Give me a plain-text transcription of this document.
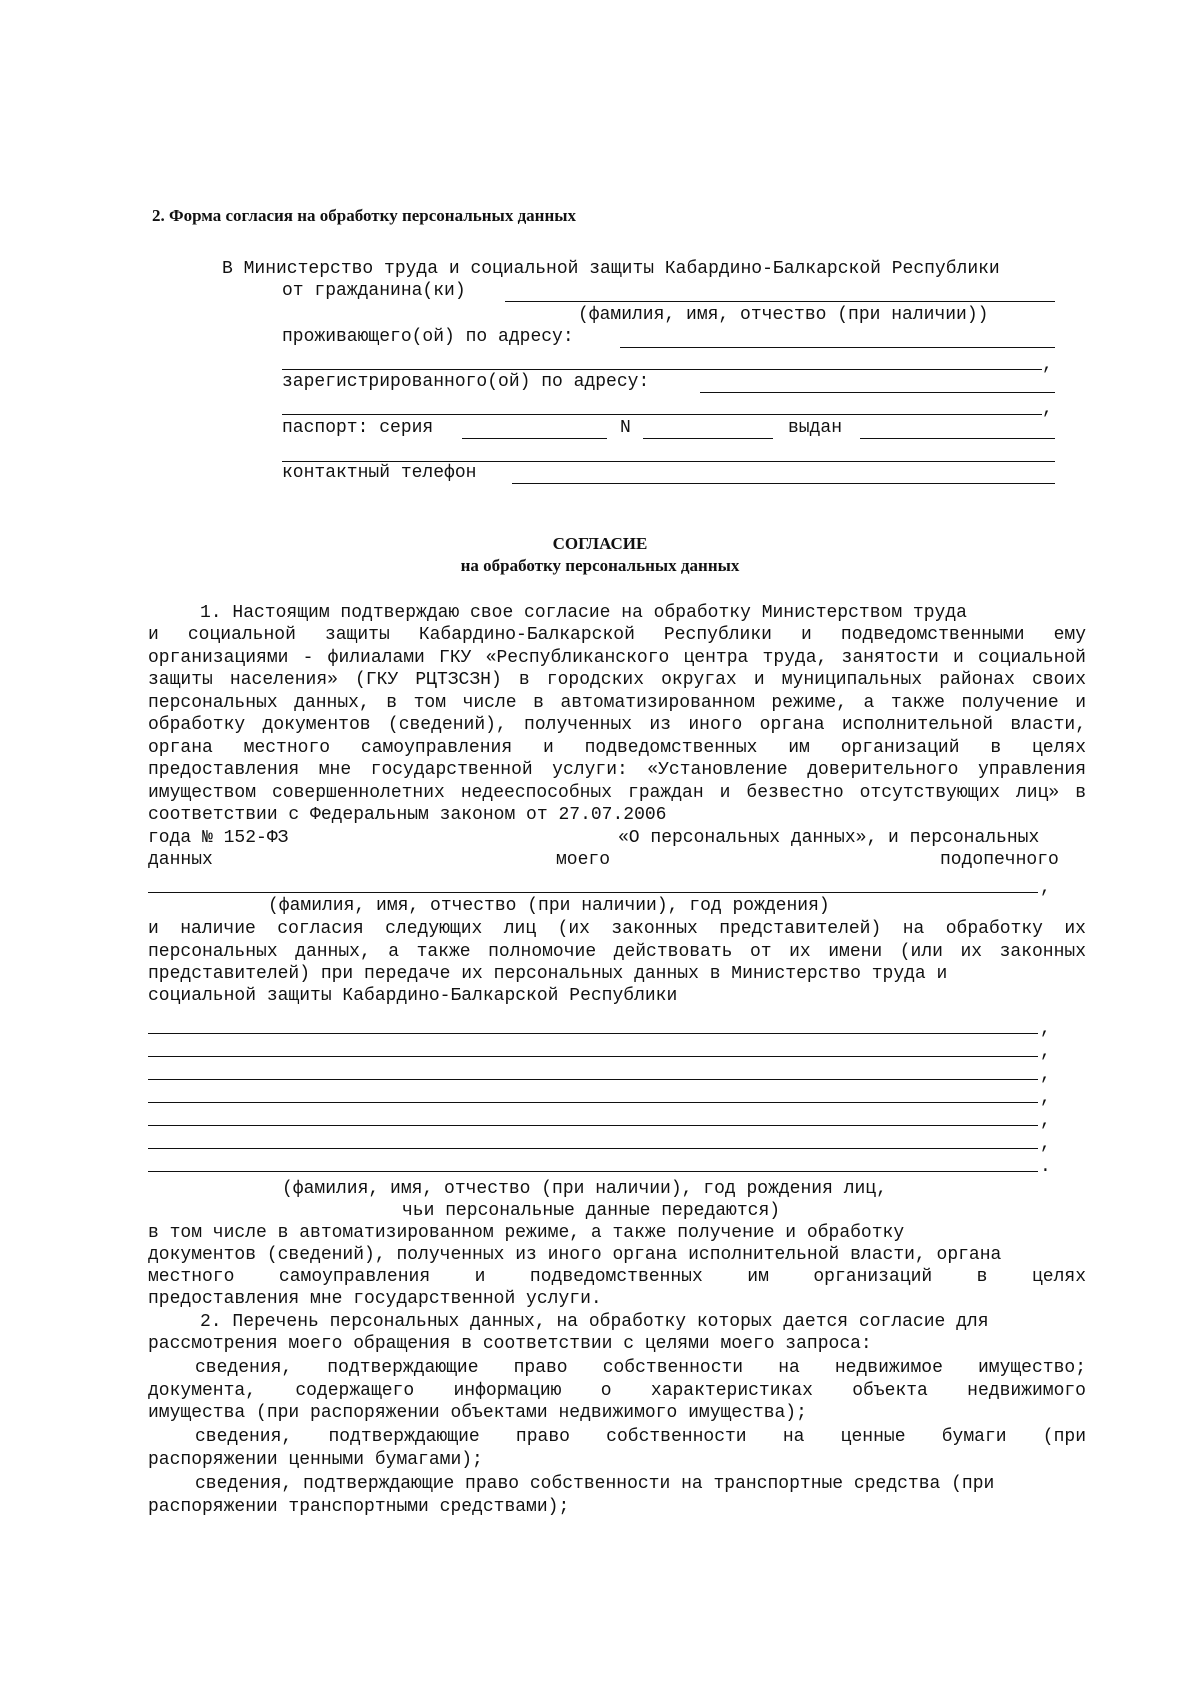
2. Форма согласия на обработку персональных данных
В Министерство труда и социальной защиты Кабардино-Балкарской Республики
от гражданина(ки)
(фамилия, имя, отчество (при наличии))
проживающего(ой) по адресу:
,
зарегистрированного(ой) по адресу:
,
паспорт: серия	N	выдан
контактный телефон
СОГЛАСИЕ
на обработку персональных данных
1. Настоящим подтверждаю свое согласие на обработку Министерством труда
и социальной защиты Кабардино-Балкарской Республики и подведомственными ему организациями - филиалами ГКУ «Республиканского центра труда, занятости и социальной защиты населения» (ГКУ РЦТЗСЗН) в городских округах и муниципальных районах своих персональных данных, в том числе в автоматизированном режиме, а также получение и обработку документов (сведений), полученных из иного органа исполнительной власти, органа местного самоуправления и подведомственных им организаций в целях предоставления мне государственной услуги: «Установление доверительного управления имуществом совершеннолетних недееспособных граждан и безвестно отсутствующих лиц» в соответствии с Федеральным законом от 27.07.2006
года № 152-ФЗ	«О персональных данных», и персональных
данных	моего	подопечного
,
(фамилия, имя, отчество (при наличии), год рождения)
и наличие согласия следующих лиц (их законных представителей) на обработку их персональных данных, а также полномочие действовать от их имени (или их законных представителей) при передаче их персональных данных в Министерство труда и
социальной защиты Кабардино-Балкарской Республики
,
,
,
,
,
,
.
(фамилия, имя, отчество (при наличии), год рождения лиц,
чьи персональные данные передаются)
в том числе в автоматизированном режиме, а также получение и обработку
документов (сведений), полученных из иного органа исполнительной власти, органа
местного самоуправления и подведомственных им организаций в целях
предоставления мне государственной услуги.
2. Перечень персональных данных, на обработку которых дается согласие для
рассмотрения моего обращения в соответствии с целями моего запроса:
сведения, подтверждающие право собственности на недвижимое имущество;
документа, содержащего информацию о характеристиках объекта недвижимого
имущества (при распоряжении объектами недвижимого имущества);
сведения, подтверждающие право собственности на ценные бумаги (при
распоряжении ценными бумагами);
сведения, подтверждающие право собственности на транспортные средства (при
распоряжении транспортными средствами);
